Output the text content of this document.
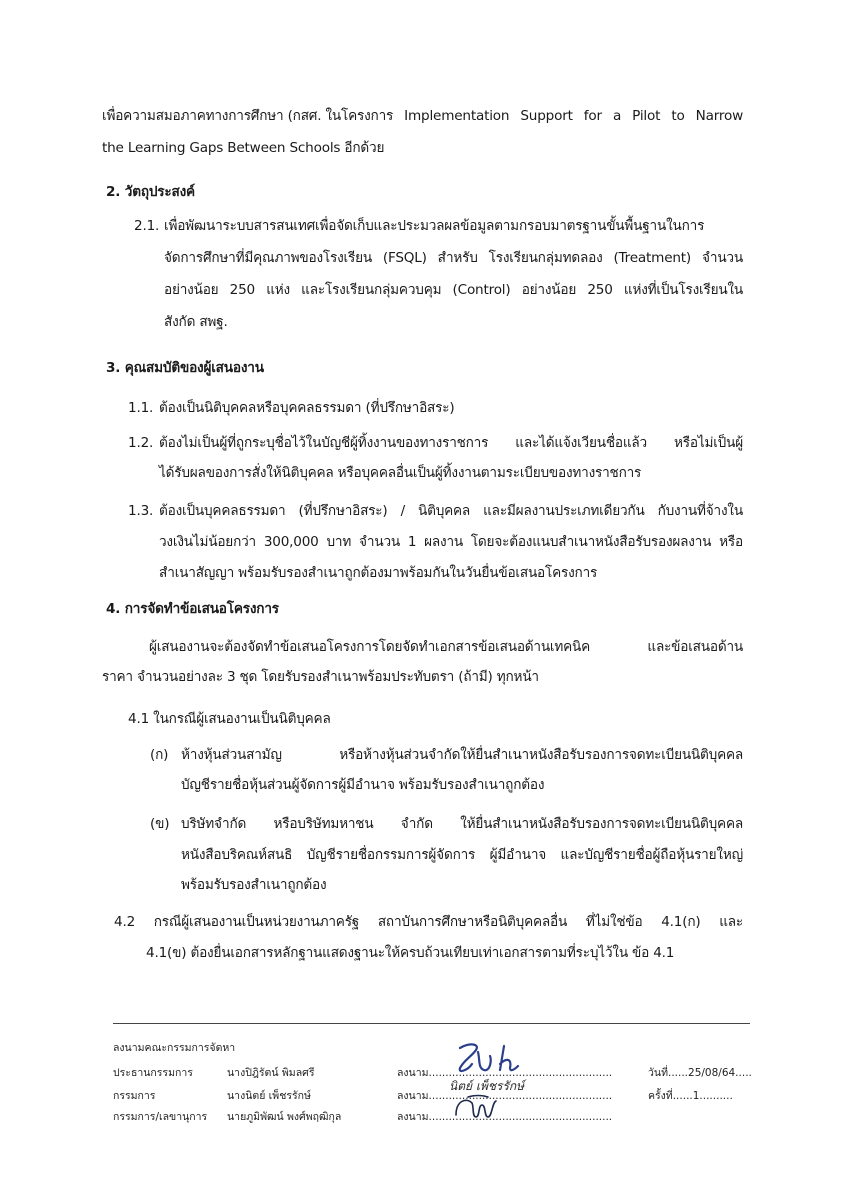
เพื่อความสมอภาคทางการศึกษา (กสศ. ในโครงการ Implementation Support for a Pilot to Narrow
the Learning Gaps Between Schools อีกด้วย
2. วัตถุประสงค์
2.1. เพื่อพัฒนาระบบสารสนเทศเพื่อจัดเก็บและประมวลผลข้อมูลตามกรอบมาตรฐานขั้นพื้นฐานในการ
จัดการศึกษาที่มีคุณภาพของโรงเรียน (FSQL) สำหรับ โรงเรียนกลุ่มทดลอง (Treatment) จำนวน
อย่างน้อย 250 แห่ง และโรงเรียนกลุ่มควบคุม (Control) อย่างน้อย 250 แห่งที่เป็นโรงเรียนใน
สังกัด สพฐ.
3. คุณสมบัติของผู้เสนองาน
1.1. ต้องเป็นนิติบุคคลหรือบุคคลธรรมดา (ที่ปรึกษาอิสระ)
1.2. ต้องไม่เป็นผู้ที่ถูกระบุชื่อไว้ในบัญชีผู้ทิ้งงานของทางราชการ และได้แจ้งเวียนชื่อแล้ว หรือไม่เป็นผู้
ได้รับผลของการสั่งให้นิติบุคคล หรือบุคคลอื่นเป็นผู้ทิ้งงานตามระเบียบของทางราชการ
1.3. ต้องเป็นบุคคลธรรมดา (ที่ปรึกษาอิสระ) / นิติบุคคล และมีผลงานประเภทเดียวกัน กับงานที่จ้างใน
วงเงินไม่น้อยกว่า 300,000 บาท จำนวน 1 ผลงาน โดยจะต้องแนบสำเนาหนังสือรับรองผลงาน หรือ
สำเนาสัญญา พร้อมรับรองสำเนาถูกต้องมาพร้อมกันในวันยื่นข้อเสนอโครงการ
4. การจัดทำข้อเสนอโครงการ
ผู้เสนองานจะต้องจัดทำข้อเสนอโครงการโดยจัดทำเอกสารข้อเสนอด้านเทคนิค	และข้อเสนอด้าน
ราคา จำนวนอย่างละ 3 ชุด โดยรับรองสำเนาพร้อมประทับตรา (ถ้ามี) ทุกหน้า
4.1 ในกรณีผู้เสนองานเป็นนิติบุคคล
(ก) ห้างหุ้นส่วนสามัญ	หรือห้างหุ้นส่วนจำกัดให้ยื่นสำเนาหนังสือรับรองการจดทะเบียนนิติบุคคล
บัญชีรายชื่อหุ้นส่วนผู้จัดการผู้มีอำนาจ พร้อมรับรองสำเนาถูกต้อง
(ข) บริษัทจำกัด หรือบริษัทมหาชน จำกัด ให้ยื่นสำเนาหนังสือรับรองการจดทะเบียนนิติบุคคล
หนังสือบริคณห์สนธิ บัญชีรายชื่อกรรมการผู้จัดการ ผู้มีอำนาจ และบัญชีรายชื่อผู้ถือหุ้นรายใหญ่
พร้อมรับรองสำเนาถูกต้อง
4.2 กรณีผู้เสนองานเป็นหน่วยงานภาครัฐ สถาบันการศึกษาหรือนิติบุคคลอื่น ที่ไม่ใช่ข้อ 4.1(ก) และ
4.1(ข) ต้องยื่นเอกสารหลักฐานแสดงฐานะให้ครบถ้วนเทียบเท่าเอกสารตามที่ระบุไว้ใน ข้อ 4.1
ลงนามคณะกรรมการจัดหา
ประธานกรรมการ	นางปิฎิรัตน์ พิมลศรี	ลงนาม.......................................................	วันที่......25/08/64.....
กรรมการ	นางนิตย์ เพ็ชรรักษ์	ลงนาม.......................................................	ครั้งที่......1..........
กรรมการ/เลขานุการ นายภูมิพัฒน์ พงศ์พฤฒิกุล	ลงนาม.......................................................
นิตย์ เพ็ชรรักษ์
